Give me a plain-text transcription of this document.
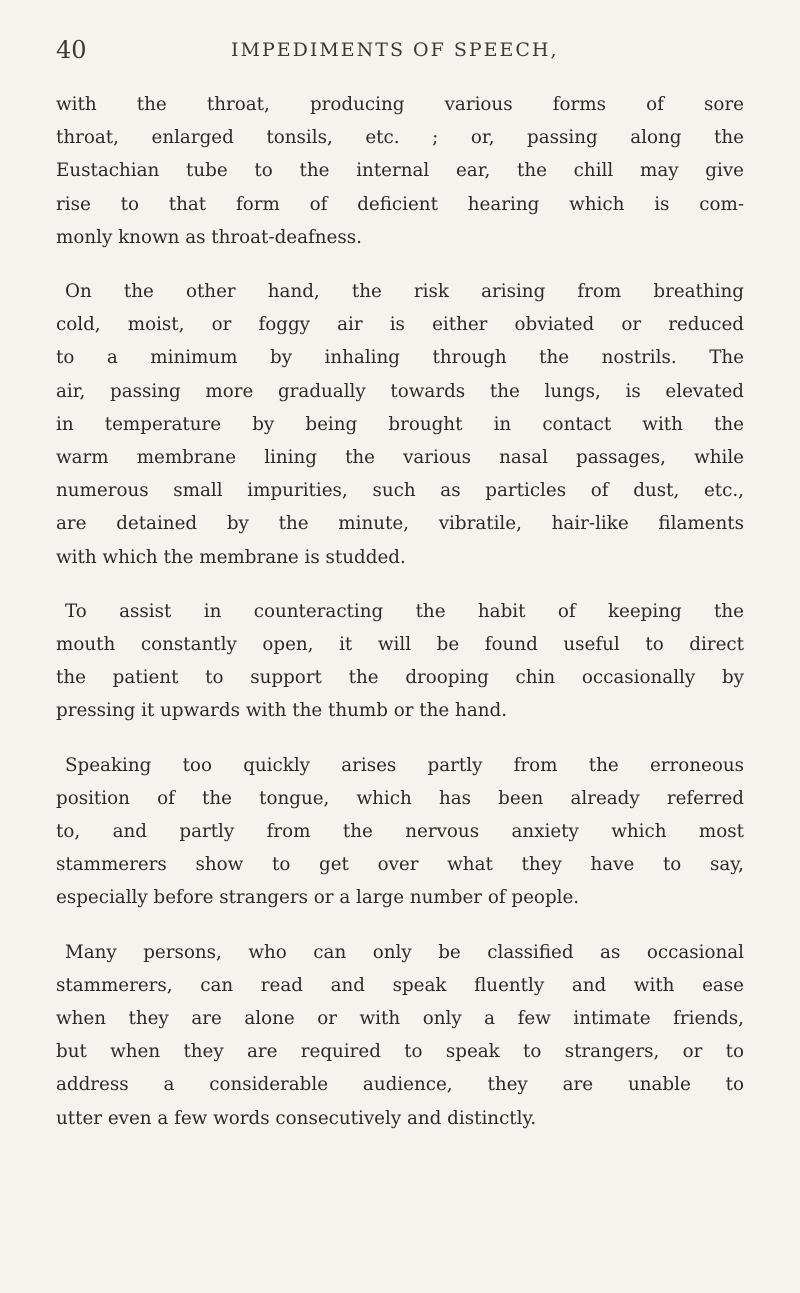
40	IMPEDIMENTS OF SPEECH,

with the throat, producing various forms of sore
throat, enlarged tonsils, etc. ; or, passing along the
Eustachian tube to the internal ear, the chill may give
rise to that form of deficient hearing which is com-
monly known as throat-deafness.

On the other hand, the risk arising from breathing
cold, moist, or foggy air is either obviated or reduced
to a minimum by inhaling through the nostrils. The
air, passing more gradually towards the lungs, is elevated
in temperature by being brought in contact with the
warm membrane lining the various nasal passages, while
numerous small impurities, such as particles of dust, etc.,
are detained by the minute, vibratile, hair-like filaments
with which the membrane is studded.

To assist in counteracting the habit of keeping the
mouth constantly open, it will be found useful to direct
the patient to support the drooping chin occasionally by
pressing it upwards with the thumb or the hand.

Speaking too quickly arises partly from the erroneous
position of the tongue, which has been already referred
to, and partly from the nervous anxiety which most
stammerers show to get over what they have to say,
especially before strangers or a large number of people.

Many persons, who can only be classified as occasional
stammerers, can read and speak fluently and with ease
when they are alone or with only a few intimate friends,
but when they are required to speak to strangers, or to
address a considerable audience, they are unable to
utter even a few words consecutively and distinctly.
